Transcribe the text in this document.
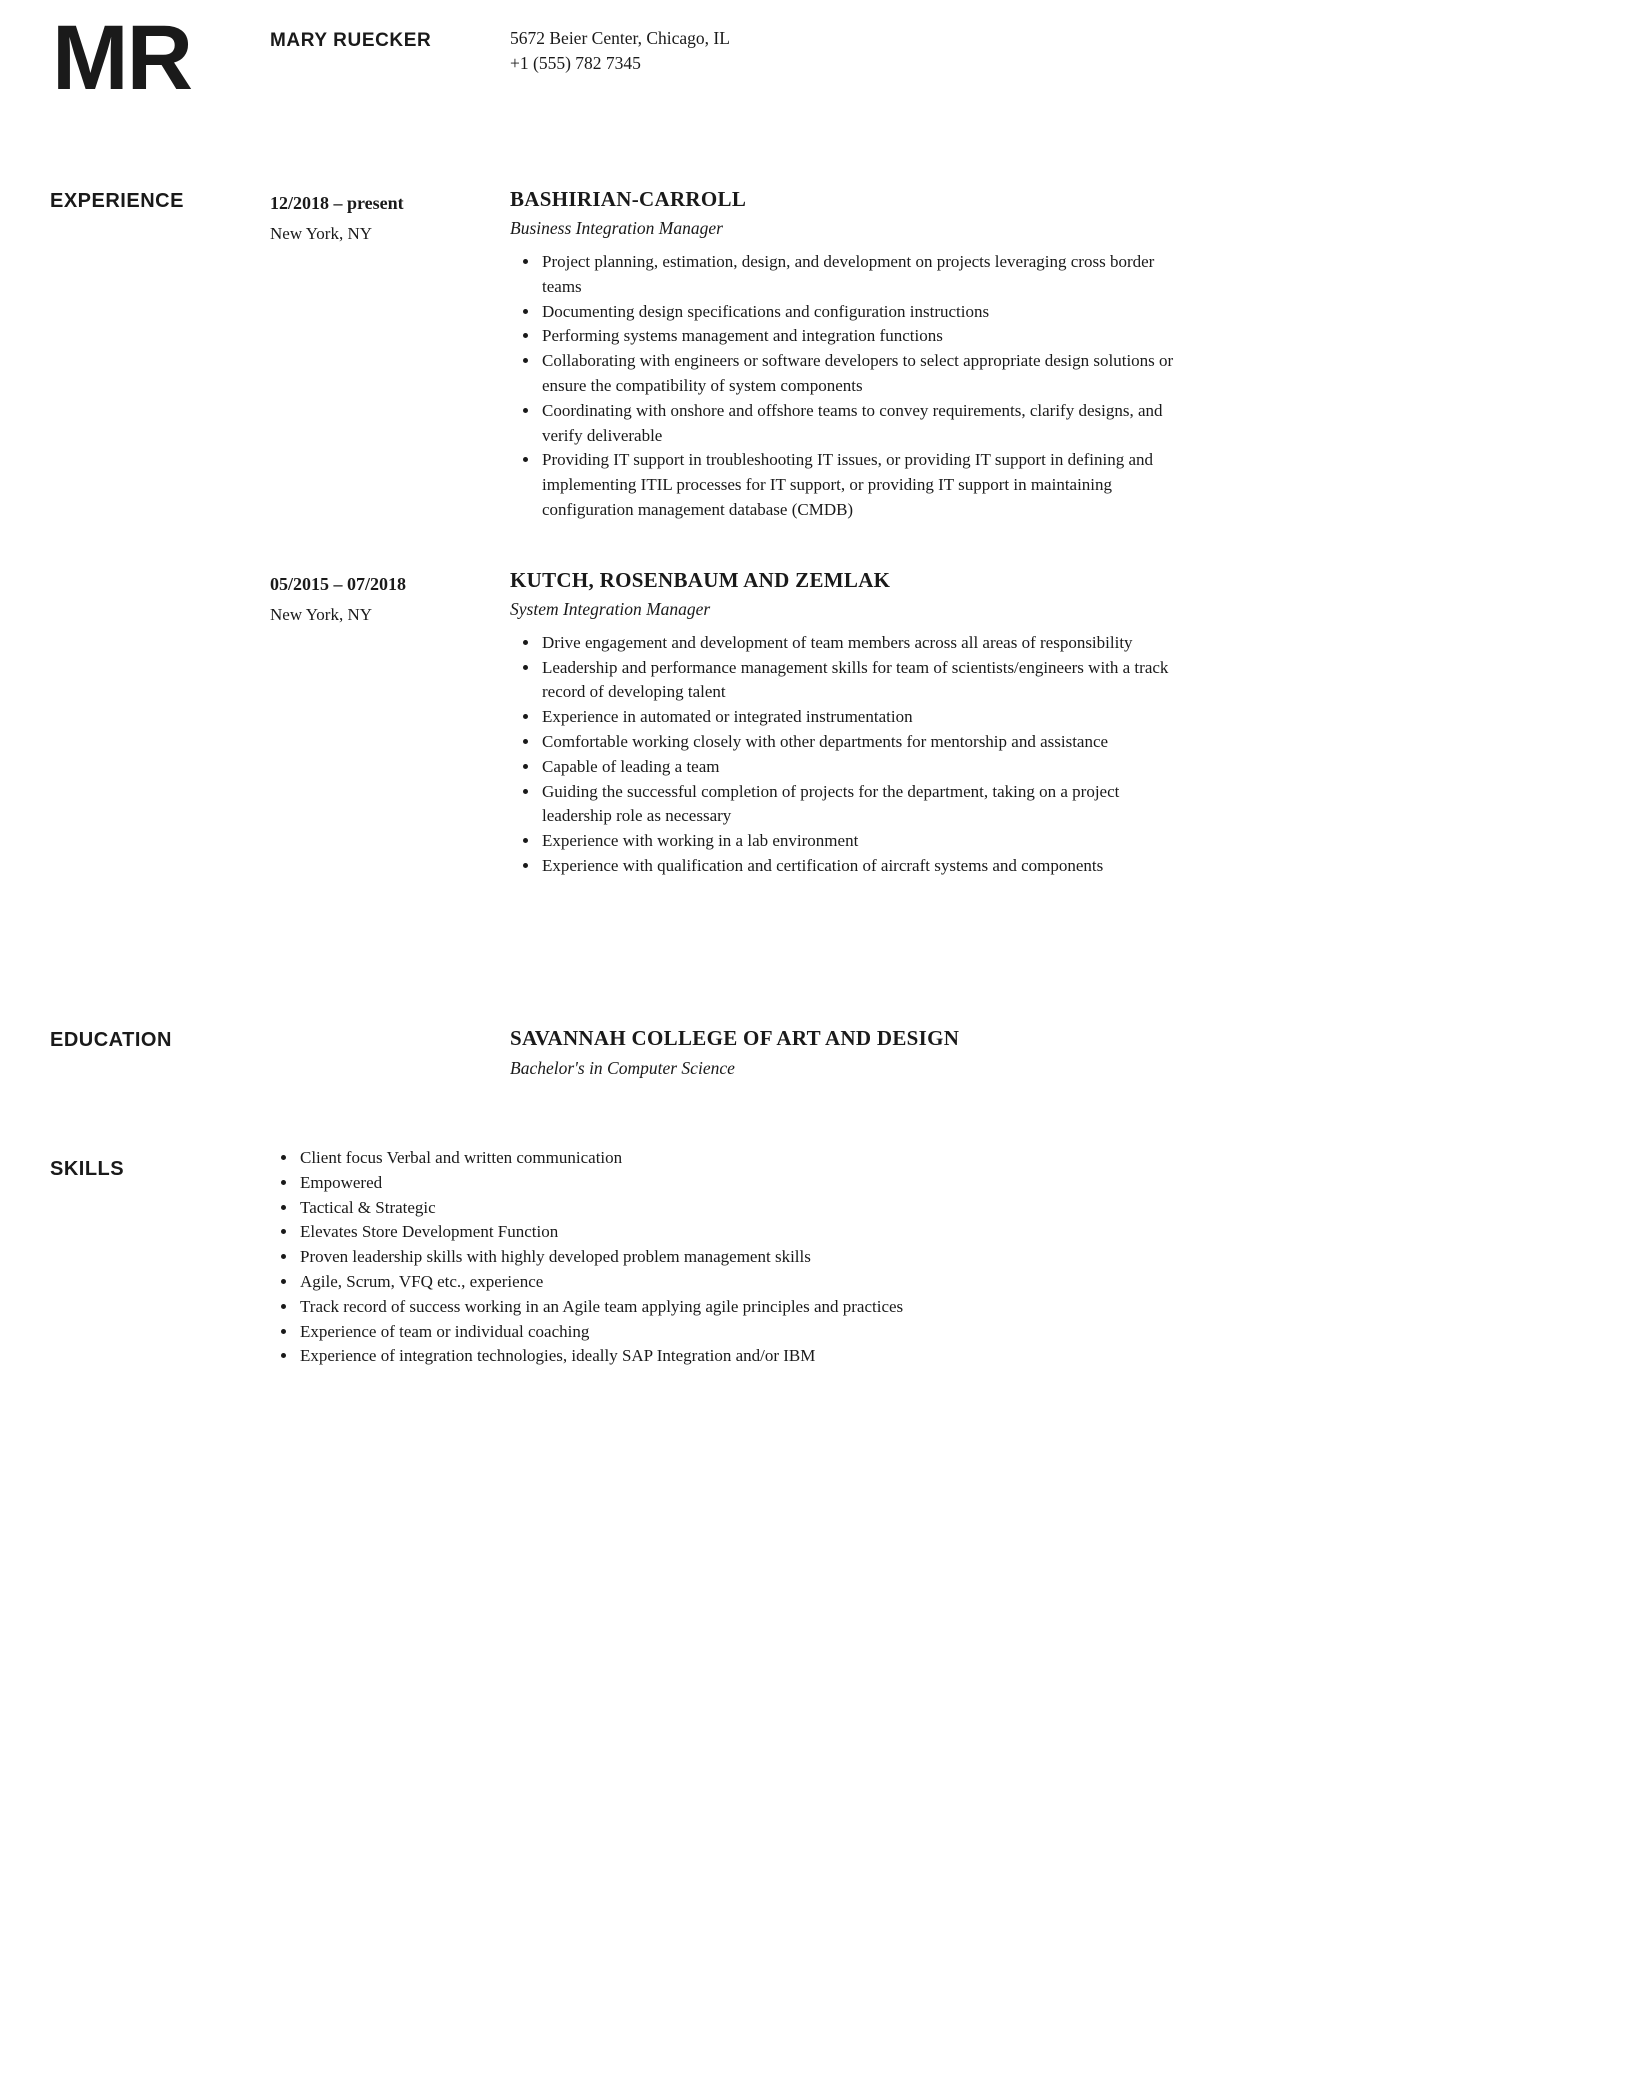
MR	MARY RUECKER	5672 Beier Center, Chicago, IL
+1 (555) 782 7345
EXPERIENCE
EDUCATION
SKILLS
12/2018 – present
New York, NY
BASHIRIAN-CARROLL
Business Integration Manager
• Project planning, estimation, design, and development on projects leveraging cross border teams
• Documenting design specifications and configuration instructions
• Performing systems management and integration functions
• Collaborating with engineers or software developers to select appropriate design solutions or ensure the compatibility of system components
• Coordinating with onshore and offshore teams to convey requirements, clarify designs, and verify deliverable
• Providing IT support in troubleshooting IT issues, or providing IT support in defining and implementing ITIL processes for IT support, or providing IT support in maintaining configuration management database (CMDB)
05/2015 – 07/2018
New York, NY
KUTCH, ROSENBAUM AND ZEMLAK
System Integration Manager
• Drive engagement and development of team members across all areas of responsibility
• Leadership and performance management skills for team of scientists/engineers with a track record of developing talent
• Experience in automated or integrated instrumentation
• Comfortable working closely with other departments for mentorship and assistance
• Capable of leading a team
• Guiding the successful completion of projects for the department, taking on a project leadership role as necessary
• Experience with working in a lab environment
• Experience with qualification and certification of aircraft systems and components
SAVANNAH COLLEGE OF ART AND DESIGN
Bachelor's in Computer Science
• Client focus Verbal and written communication
• Empowered
• Tactical & Strategic
• Elevates Store Development Function
• Proven leadership skills with highly developed problem management skills
• Agile, Scrum, VFQ etc., experience
• Track record of success working in an Agile team applying agile principles and practices
• Experience of team or individual coaching
• Experience of integration technologies, ideally SAP Integration and/or IBM
